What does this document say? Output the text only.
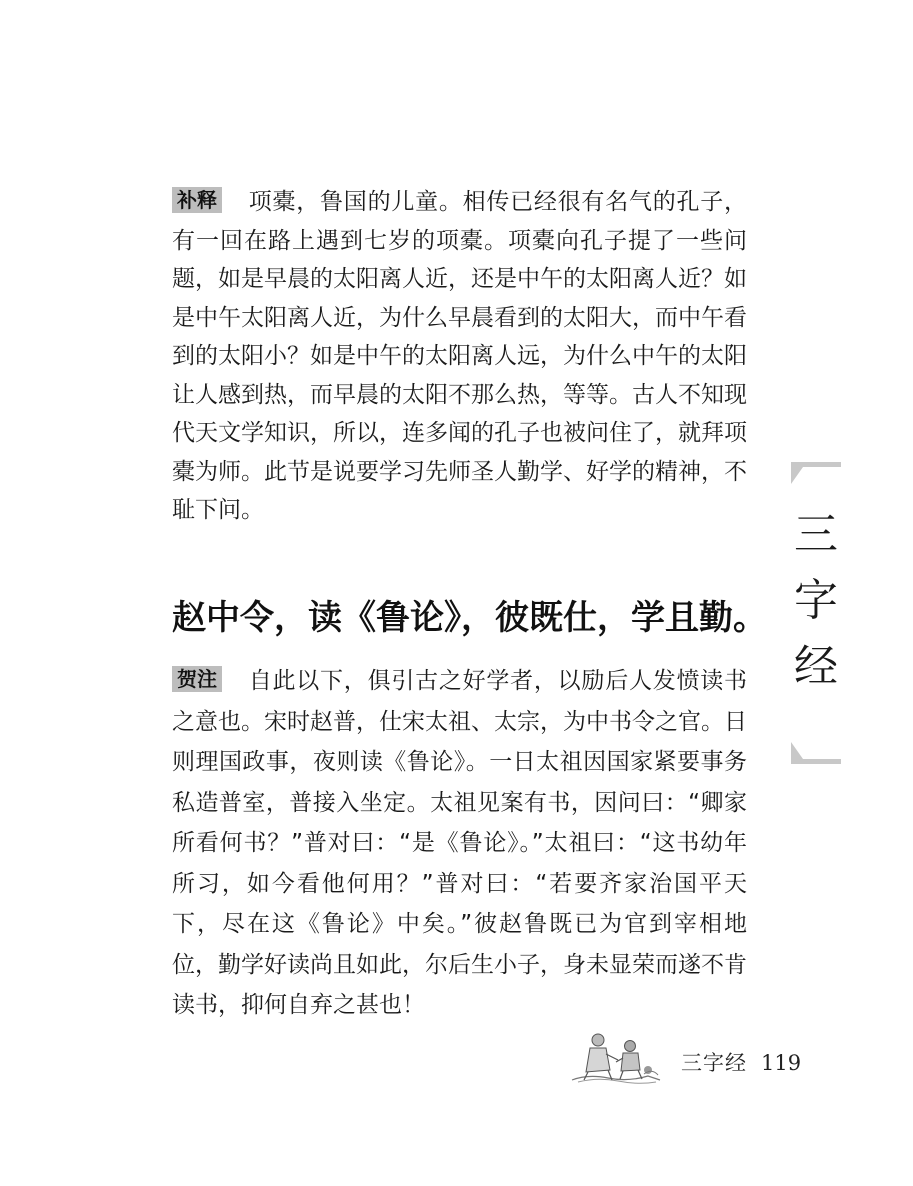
补释 项橐，鲁国的儿童。相传已经很有名气的孔子，有一回在路上遇到七岁的项橐。项橐向孔子提了一些问题，如是早晨的太阳离人近，还是中午的太阳离人近？如是中午太阳离人近，为什么早晨看到的太阳大，而中午看到的太阳小？如是中午的太阳离人远，为什么中午的太阳让人感到热，而早晨的太阳不那么热，等等。古人不知现代天文学知识，所以，连多闻的孔子也被问住了，就拜项橐为师。此节是说要学习先师圣人勤学、好学的精神，不耻下问。

赵中令，读《鲁论》，彼既仕，学且勤。

贺注 自此以下，俱引古之好学者，以励后人发愤读书之意也。宋时赵普，仕宋太祖、太宗，为中书令之官。日则理国政事，夜则读《鲁论》。一日太祖因国家紧要事务私造普室，普接入坐定。太祖见案有书，因问曰：“卿家所看何书？”普对曰：“是《鲁论》。”太祖曰：“这书幼年所习，如今看他何用？”普对曰：“若要齐家治国平天下，尽在这《鲁论》中矣。”彼赵鲁既已为官到宰相地位，勤学好读尚且如此，尔后生小子，身未显荣而遂不肯读书，抑何自弃之甚也！

三
字
经
三字经 119
